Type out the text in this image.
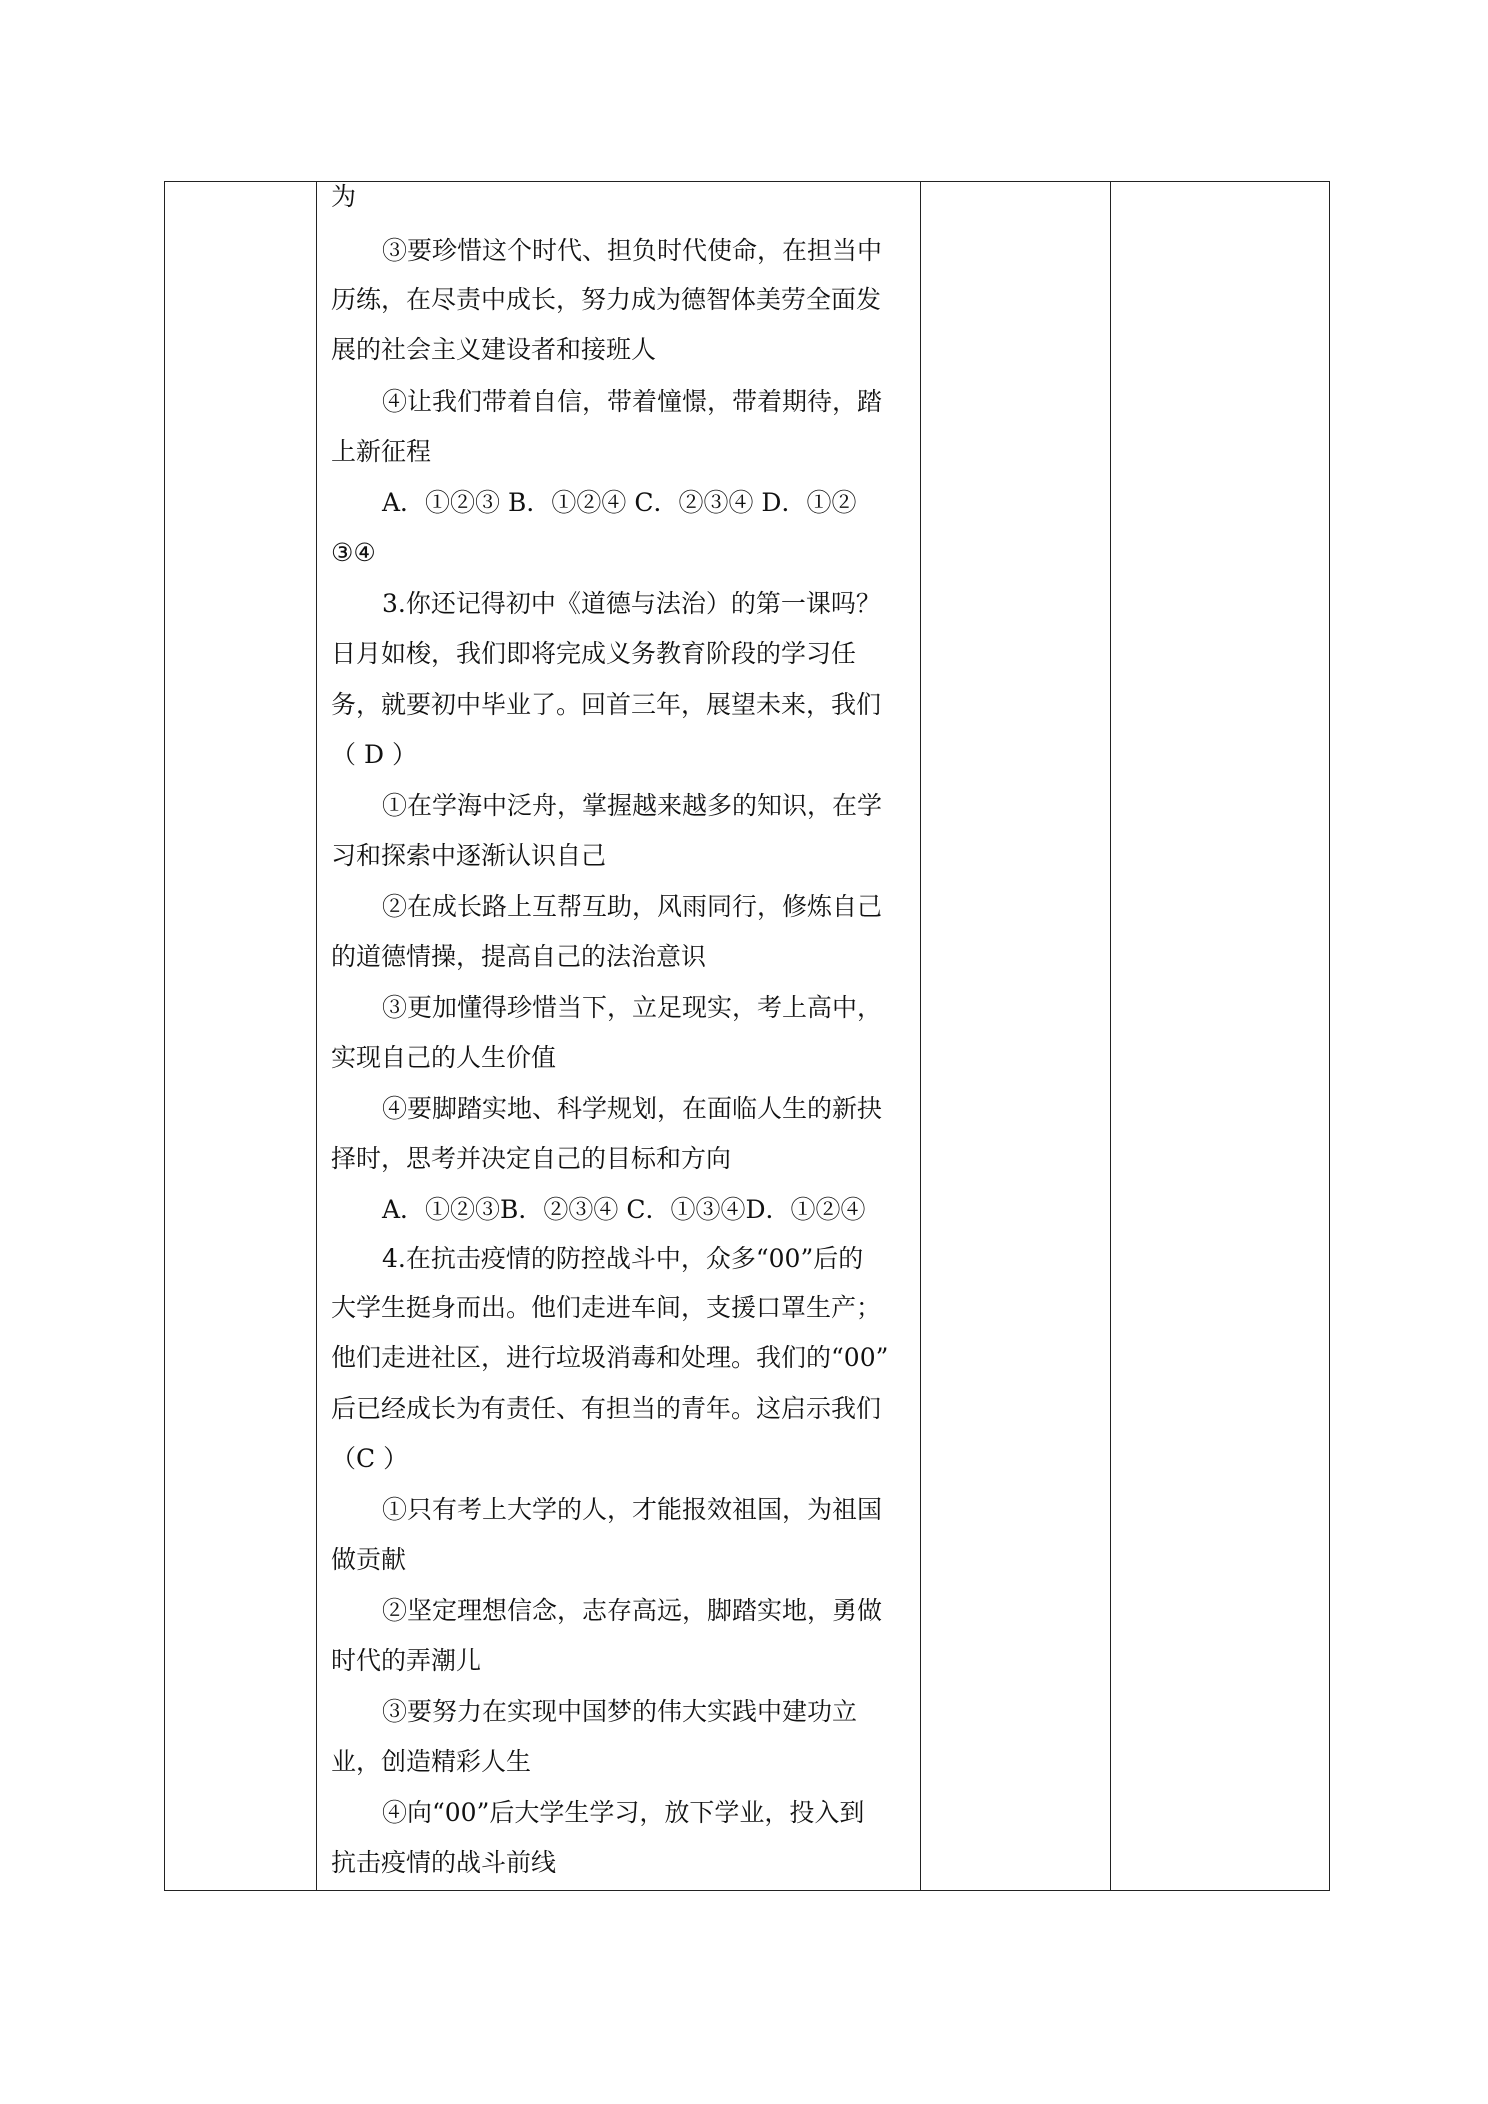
为
③要珍惜这个时代、担负时代使命，在担当中
历练，在尽责中成长，努力成为德智体美劳全面发
展的社会主义建设者和接班人
④让我们带着自信，带着憧憬，带着期待，踏
上新征程
A．①②③ B．①②④ C．②③④ D．①②
③④
3.你还记得初中《道德与法治）的第一课吗？
日月如梭，我们即将完成义务教育阶段的学习任
务，就要初中毕业了。回首三年，展望未来，我们
（ D ）
①在学海中泛舟，掌握越来越多的知识，在学
习和探索中逐渐认识自己
②在成长路上互帮互助，风雨同行，修炼自己
的道德情操，提高自己的法治意识
③更加懂得珍惜当下，立足现实，考上高中，
实现自己的人生价值
④要脚踏实地、科学规划，在面临人生的新抉
择时，思考并决定自己的目标和方向
A．①②③B．②③④ C．①③④D．①②④
4.在抗击疫情的防控战斗中，众多“00”后的
大学生挺身而出。他们走进车间，支援口罩生产；
他们走进社区，进行垃圾消毒和处理。我们的“00”
后已经成长为有责任、有担当的青年。这启示我们
（C ）
①只有考上大学的人，才能报效祖国，为祖国
做贡献
②坚定理想信念，志存高远，脚踏实地，勇做
时代的弄潮儿
③要努力在实现中国梦的伟大实践中建功立
业，创造精彩人生
④向“00”后大学生学习，放下学业，投入到
抗击疫情的战斗前线
